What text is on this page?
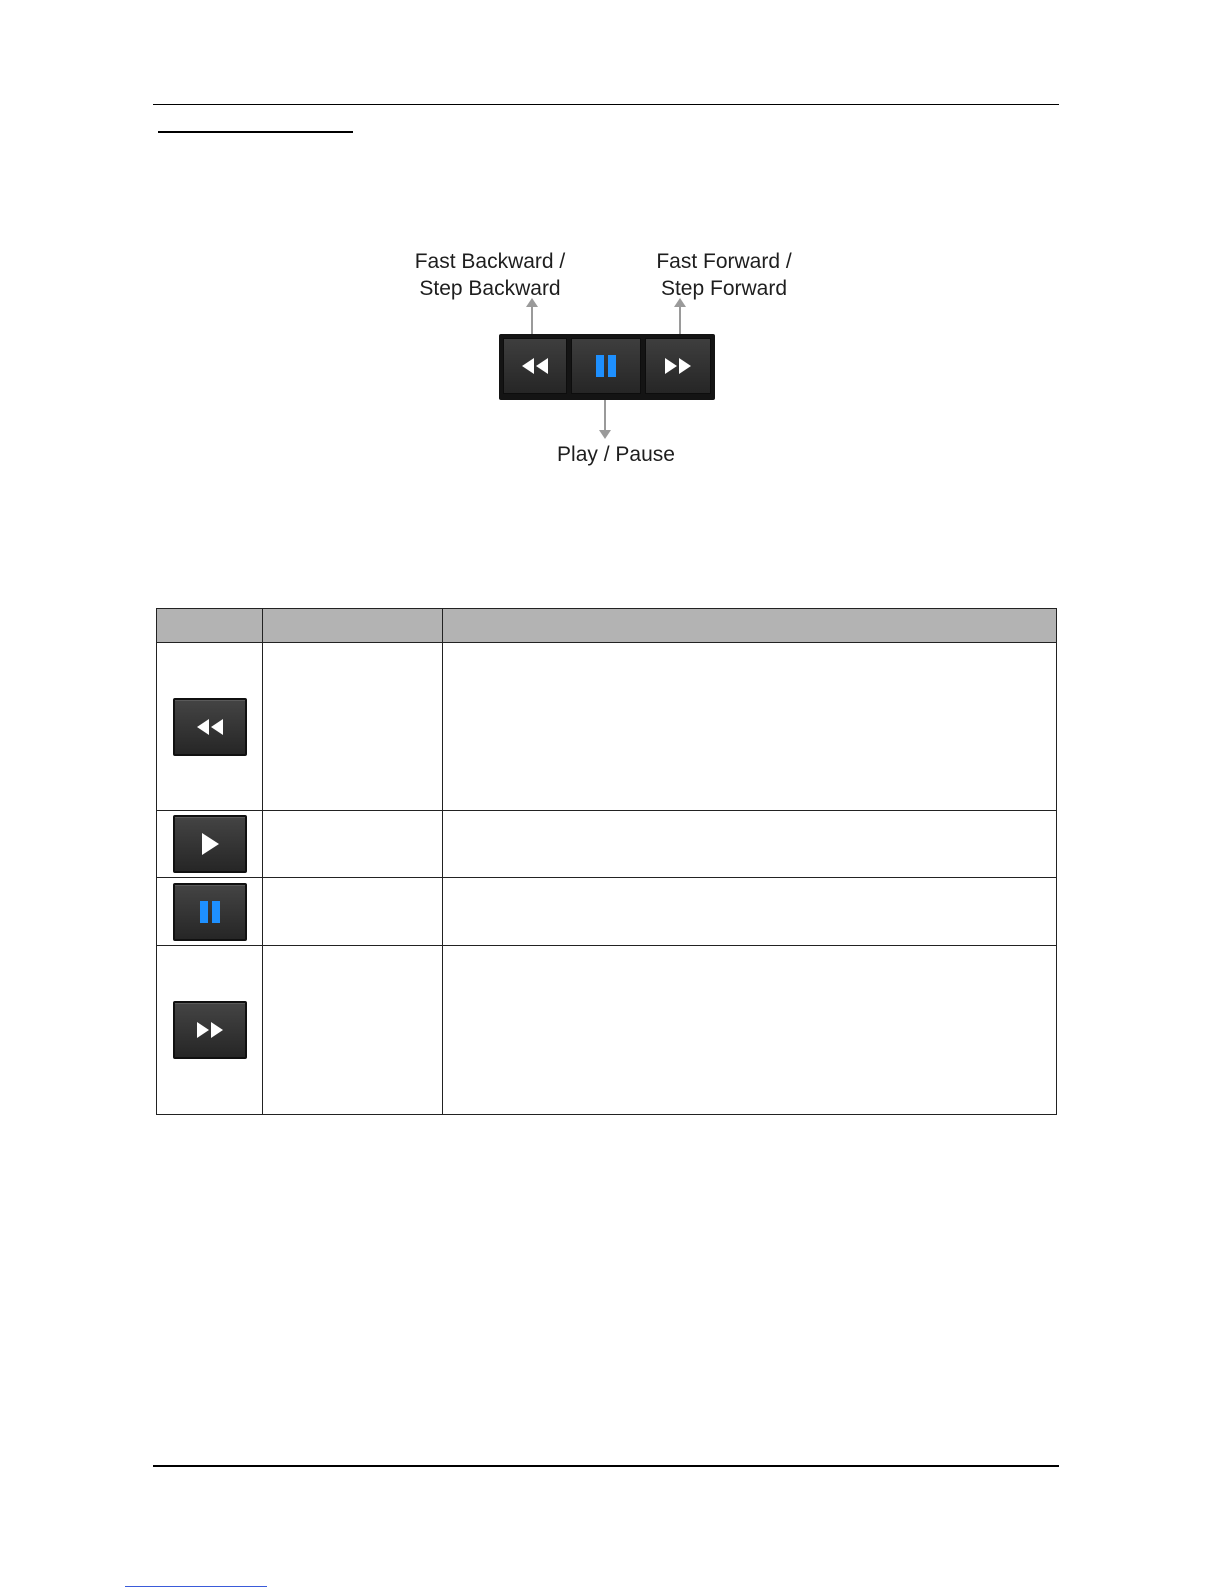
Fast Backward /
Step Backward
Fast Forward /
Step Forward
Play / Pause
